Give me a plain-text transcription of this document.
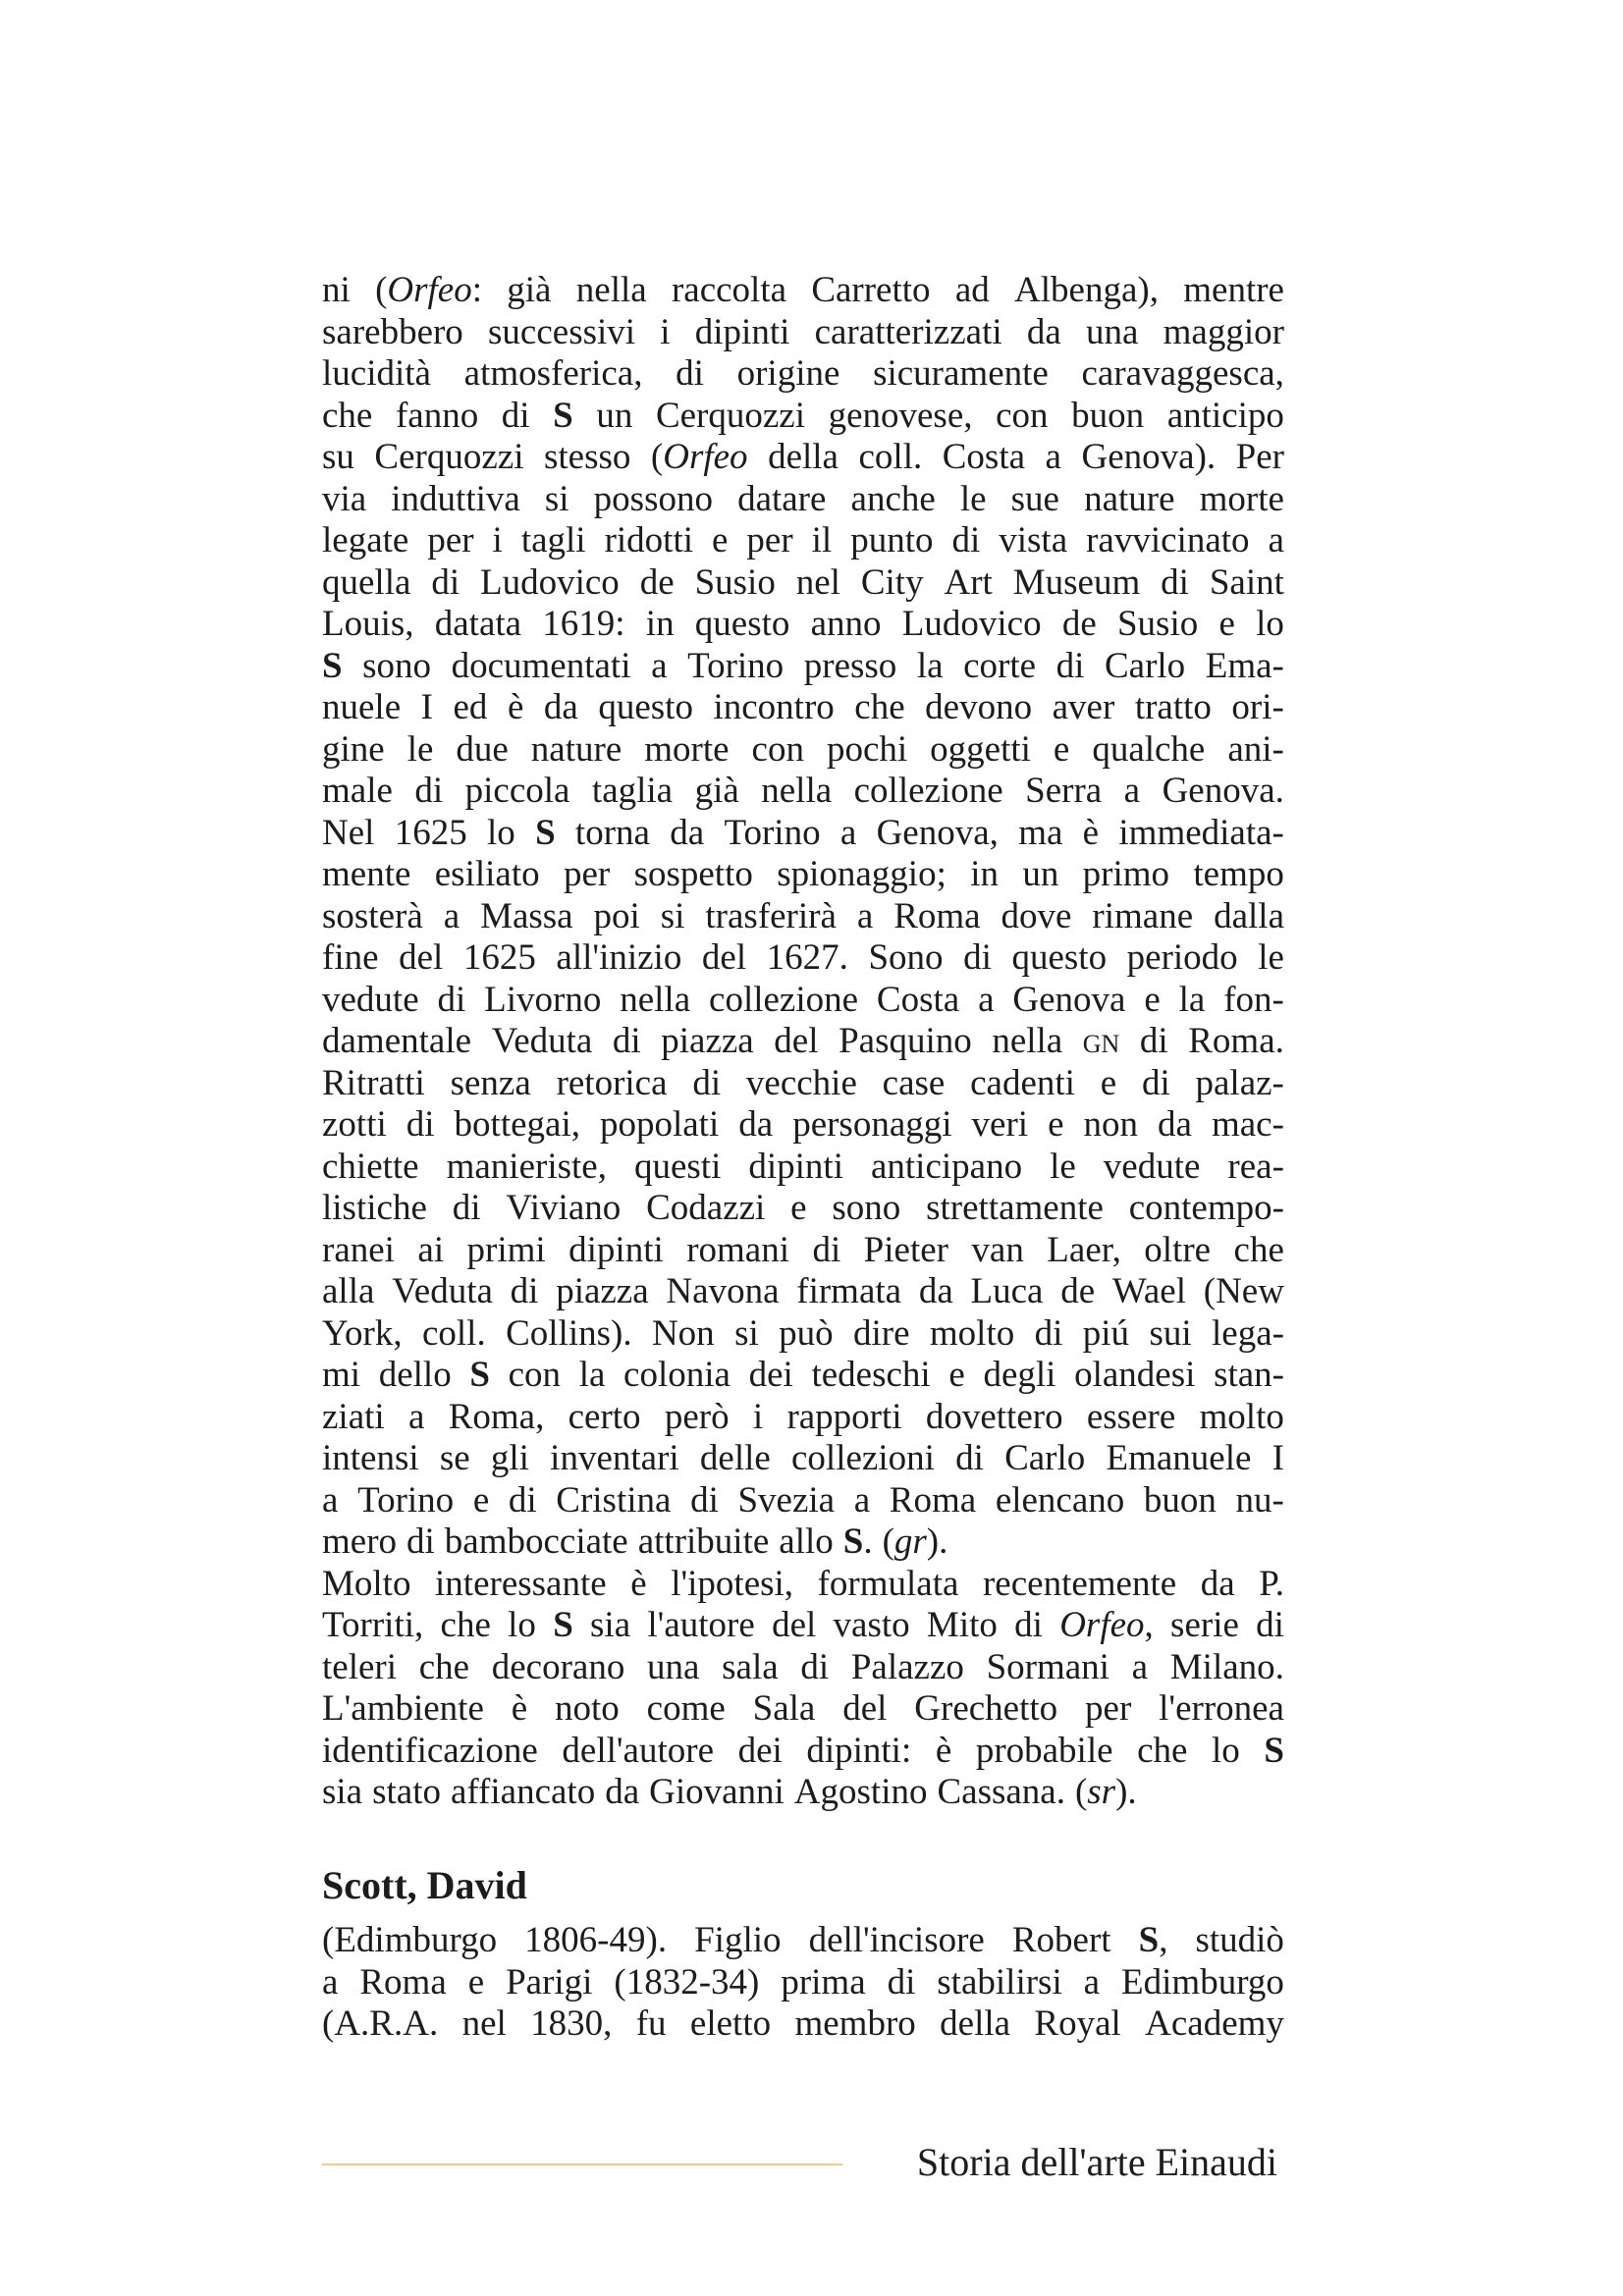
ni (Orfeo: già nella raccolta Carretto ad Albenga), mentre
sarebbero successivi i dipinti caratterizzati da una maggior
lucidità atmosferica, di origine sicuramente caravaggesca,
che fanno di S un Cerquozzi genovese, con buon anticipo
su Cerquozzi stesso (Orfeo della coll. Costa a Genova). Per
via induttiva si possono datare anche le sue nature morte
legate per i tagli ridotti e per il punto di vista ravvicinato a
quella di Ludovico de Susio nel City Art Museum di Saint
Louis, datata 1619: in questo anno Ludovico de Susio e lo
S sono documentati a Torino presso la corte di Carlo Ema-
nuele I ed è da questo incontro che devono aver tratto ori-
gine le due nature morte con pochi oggetti e qualche ani-
male di piccola taglia già nella collezione Serra a Genova.
Nel 1625 lo S torna da Torino a Genova, ma è immediata-
mente esiliato per sospetto spionaggio; in un primo tempo
sosterà a Massa poi si trasferirà a Roma dove rimane dalla
fine del 1625 all'inizio del 1627. Sono di questo periodo le
vedute di Livorno nella collezione Costa a Genova e la fon-
damentale Veduta di piazza del Pasquino nella gn di Roma.
Ritratti senza retorica di vecchie case cadenti e di palaz-
zotti di bottegai, popolati da personaggi veri e non da mac-
chiette manieriste, questi dipinti anticipano le vedute rea-
listiche di Viviano Codazzi e sono strettamente contempo-
ranei ai primi dipinti romani di Pieter van Laer, oltre che
alla Veduta di piazza Navona firmata da Luca de Wael (New
York, coll. Collins). Non si può dire molto di piú sui lega-
mi dello S con la colonia dei tedeschi e degli olandesi stan-
ziati a Roma, certo però i rapporti dovettero essere molto
intensi se gli inventari delle collezioni di Carlo Emanuele I
a Torino e di Cristina di Svezia a Roma elencano buon nu-
mero di bambocciate attribuite allo S. (gr).
Molto interessante è l'ipotesi, formulata recentemente da P.
Torriti, che lo S sia l'autore del vasto Mito di Orfeo, serie di
teleri che decorano una sala di Palazzo Sormani a Milano.
L'ambiente è noto come Sala del Grechetto per l'erronea
identificazione dell'autore dei dipinti: è probabile che lo S
sia stato affiancato da Giovanni Agostino Cassana. (sr).
Scott, David
(Edimburgo 1806-49). Figlio dell'incisore Robert S, studiò
a Roma e Parigi (1832-34) prima di stabilirsi a Edimburgo
(A.R.A. nel 1830, fu eletto membro della Royal Academy
Storia dell'arte Einaudi
